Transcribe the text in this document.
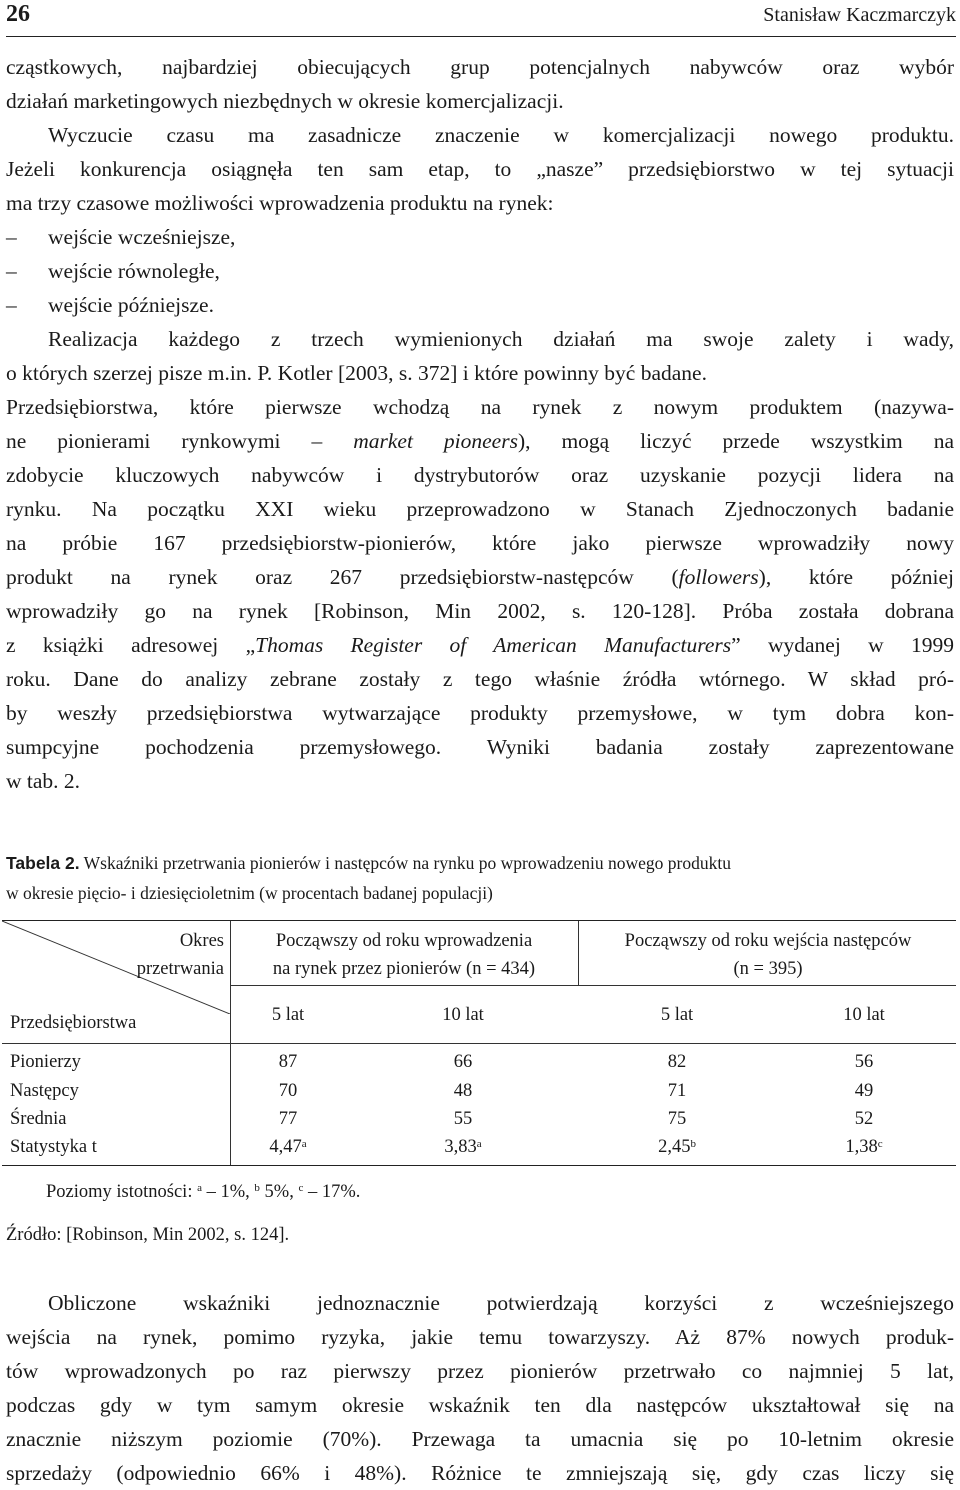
26	Stanisław Kaczmarczyk
cząstkowych, najbardziej obiecujących grup potencjalnych nabywców oraz wybór
działań marketingowych niezbędnych w okresie komercjalizacji.
Wyczucie czasu ma zasadnicze znaczenie w komercjalizacji nowego produktu.
Jeżeli konkurencja osiągnęła ten sam etap, to „nasze” przedsiębiorstwo w tej sytuacji
ma trzy czasowe możliwości wprowadzenia produktu na rynek:
– wejście wcześniejsze,
– wejście równoległe,
– wejście późniejsze.
Realizacja każdego z trzech wymienionych działań ma swoje zalety i wady,
o których szerzej pisze m.in. P. Kotler [2003, s. 372] i które powinny być badane.
Przedsiębiorstwa, które pierwsze wchodzą na rynek z nowym produktem (nazywa-
ne pionierami rynkowymi – market pioneers), mogą liczyć przede wszystkim na
zdobycie kluczowych nabywców i dystrybutorów oraz uzyskanie pozycji lidera na
rynku. Na początku XXI wieku przeprowadzono w Stanach Zjednoczonych badanie
na próbie 167 przedsiębiorstw-pionierów, które jako pierwsze wprowadziły nowy
produkt na rynek oraz 267 przedsiębiorstw-następców (followers), które później
wprowadziły go na rynek [Robinson, Min 2002, s. 120-128]. Próba została dobrana
z książki adresowej „Thomas Register of American Manufacturers” wydanej w 1999
roku. Dane do analizy zebrane zostały z tego właśnie źródła wtórnego. W skład pró-
by weszły przedsiębiorstwa wytwarzające produkty przemysłowe, w tym dobra kon-
sumpcyjne pochodzenia przemysłowego. Wyniki badania zostały zaprezentowane
w tab. 2.
Tabela 2. Wskaźniki przetrwania pionierów i następców na rynku po wprowadzeniu nowego produktu
w okresie pięcio- i dziesięcioletnim (w procentach badanej populacji)
Okres
przetrwania
Przedsiębiorstwa
Począwszy od roku wprowadzenia
na rynek przez pionierów (n = 434)
Począwszy od roku wejścia następców
(n = 395)
5 lat	10 lat	5 lat	10 lat
Pionierzy	87	66	82	56
Następcy	70	48	71	49
Średnia	77	55	75	52
Statystyka t	4,47$^a$	3,83$^a$	2,45$^b$	1,38$^c$
Poziomy istotności: $^a$ – 1%, $^b$ 5%, $^c$ – 17%.
Źródło: [Robinson, Min 2002, s. 124].
Obliczone wskaźniki jednoznacznie potwierdzają korzyści z wcześniejszego
wejścia na rynek, pomimo ryzyka, jakie temu towarzyszy. Aż 87% nowych produk-
tów wprowadzonych po raz pierwszy przez pionierów przetrwało co najmniej 5 lat,
podczas gdy w tym samym okresie wskaźnik ten dla następców ukształtował się na
znacznie niższym poziomie (70%). Przewaga ta umacnia się po 10-letnim okresie
sprzedaży (odpowiednio 66% i 48%). Różnice te zmniejszają się, gdy czas liczy się
